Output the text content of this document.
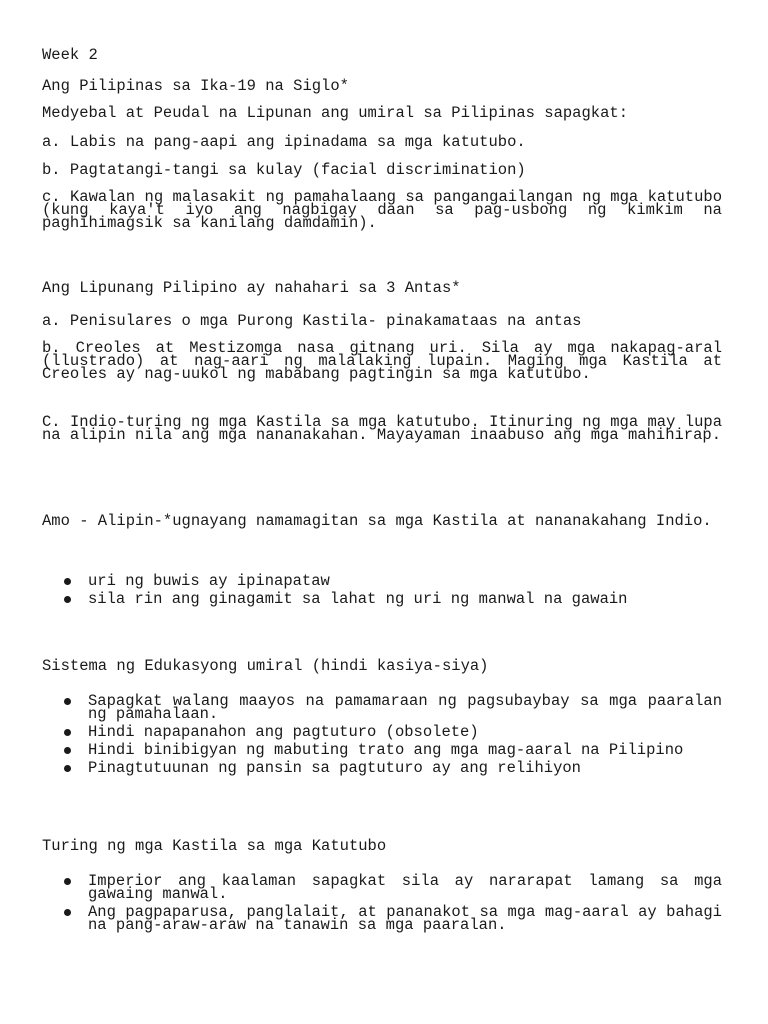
Week 2

Ang Pilipinas sa Ika-19 na Siglo*

Medyebal at Peudal na Lipunan ang umiral sa Pilipinas sapagkat:

a. Labis na pang-aapi ang ipinadama sa mga katutubo.

b. Pagtatangi-tangi sa kulay (facial discrimination)

c. Kawalan ng malasakit ng pamahalaang sa pangangailangan ng mga katutubo (kung kaya't iyo ang nagbigay daan sa pag-usbong ng kimkim na paghihimagsik sa kanilang damdamin).

Ang Lipunang Pilipino ay nahahari sa 3 Antas*

a. Penisulares o mga Purong Kastila- pinakamataas na antas

b. Creoles at Mestizomga nasa gitnang uri. Sila ay mga nakapag-aral (llustrado) at nag-aari ng malalaking lupain. Maging mga Kastila at Creoles ay nag-uukol ng mababang pagtingin sa mga katutubo.

C. Indio-turing ng mga Kastila sa mga katutubo. Itinuring ng mga may lupa na alipin nila ang mga nananakahan. Mayayaman inaabuso ang mga mahihirap.

Amo - Alipin-*ugnayang namamagitan sa mga Kastila at nananakahang Indio.

uri ng buwis ay ipinapataw
sila rin ang ginagamit sa lahat ng uri ng manwal na gawain

Sistema ng Edukasyong umiral (hindi kasiya-siya)

Sapagkat walang maayos na pamamaraan ng pagsubaybay sa mga paaralan ng pamahalaan.
Hindi napapanahon ang pagtuturo (obsolete)
Hindi binibigyan ng mabuting trato ang mga mag-aaral na Pilipino
Pinagtutuunan ng pansin sa pagtuturo ay ang relihiyon

Turing ng mga Kastila sa mga Katutubo

Imperior ang kaalaman sapagkat sila ay nararapat lamang sa mga gawaing manwal.
Ang pagpaparusa, panglalait, at pananakot sa mga mag-aaral ay bahagi na pang-araw-araw na tanawin sa mga paaralan.
